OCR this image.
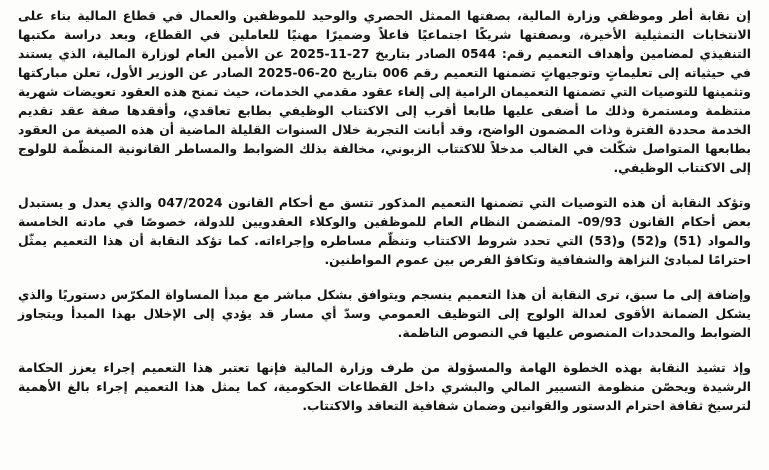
إن نقابة أطر وموظفي وزارة المالية، بصفتها الممثل الحصري والوحيد للموظفين والعمال في قطاع المالية بناء على الانتخابات التمثيلية الأخيرة، وبصفتها شريكًا اجتماعيًا فاعلاً وضميرًا مهنيًا للعاملين في القطاع، وبعد دراسة مكتبها التنفيذي لمضامين وأهداف التعميم رقم: 0544 الصادر بتاريخ 27-11-2025 عن الأمين العام لوزارة المالية، الذي يستند في حيثياته إلى تعليماتٍ وتوجيهاتٍ تضمنها التعميم رقم 006 بتاريخ 20-06-2025 الصادر عن الوزير الأول، تعلن مباركتها وتثمينها للتوصيات التي تضمنها التعميمان الرامية إلى إلغاء عقود مقدمي الخدمات، حيث تمنح هذه العقود تعويضات شهرية منتظمة ومستمرة وذلك ما أضفى عليها طابعا أقرب إلى الاكتتاب الوظيفي بطابع تعاقدي، وأفقدها صفة عقد تقديم الخدمة محددة الفترة وذات المضمون الواضح، وقد أبانت التجربة خلال السنوات القليلة الماضية أن هذه الصيغة من العقود بطابعها المتواصل شكّلت في الغالب مدخلاً للاكتتاب الزبوني، مخالفة بذلك الضوابط والمساطر القانونية المنظّمة للولوج إلى الاكتتاب الوظيفي.

وتؤكد النقابة أن هذه التوصيات التي تضمنها التعميم المذكور تتسق مع أحكام القانون 047/2024 والذي يعدل و يستبدل بعض أحكام القانون 09/93- المتضمن النظام العام للموظفين والوكلاء العقدويين للدولة، خصوصًا في مادته الخامسة والمواد (51) و(52) و(53) التي تحدد شروط الاكتتاب وتنظّم مساطره وإجراءاته. كما تؤكد النقابة أن هذا التعميم يمثّل احترامًا لمبادئ النزاهة والشفافية وتكافؤ الفرص بين عموم المواطنين.

وإضافة إلى ما سبق، ترى النقابة أن هذا التعميم ينسجم ويتوافق بشكل مباشر مع مبدأ المساواة المكرّس دستوريًا والذي يشكل الضمانة الأقوى لعدالة الولوج إلى التوظيف العمومي وسدّ أي مسار قد يؤدي إلى الإخلال بهذا المبدأ ويتجاوز الضوابط والمحددات المنصوص عليها في النصوص الناظمة.

وإذ تشيد النقابة بهذه الخطوة الهامة والمسؤولة من طرف وزارة المالية فإنها تعتبر هذا التعميم إجراء يعزز الحكامة الرشيدة ويحصّن منظومة التسيير المالي والبشري داخل القطاعات الحكومية، كما يمثل هذا التعميم إجراء بالغ الأهمية لترسيخ ثقافة احترام الدستور والقوانين وضمان شفافية التعاقد والاكتتاب.
